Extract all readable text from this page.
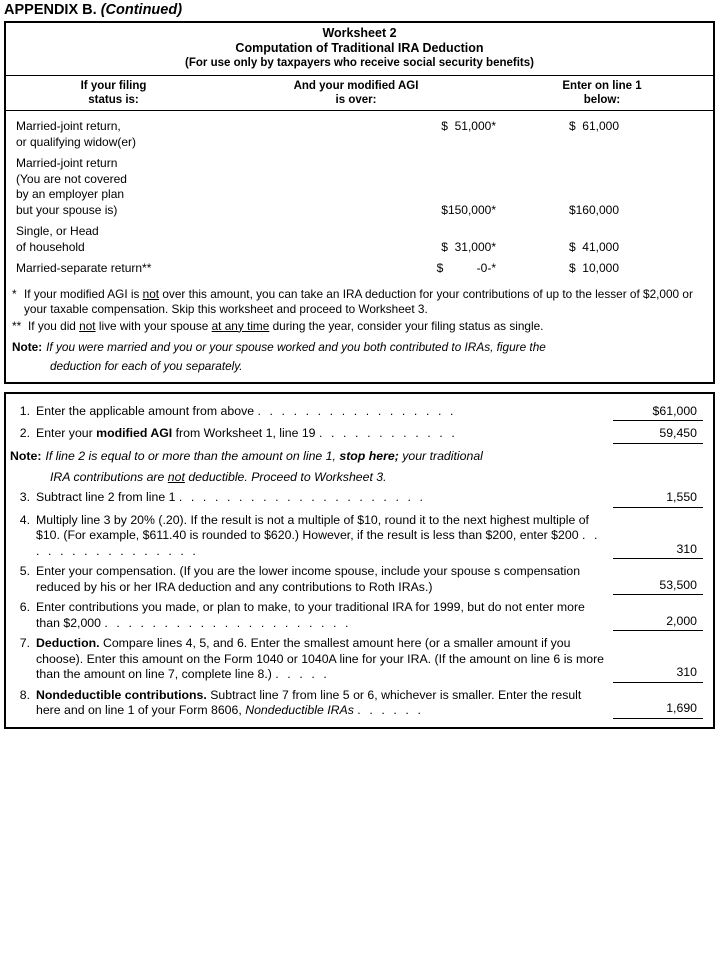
APPENDIX B. (Continued)
Worksheet 2
Computation of Traditional IRA Deduction
(For use only by taxpayers who receive social security benefits)
If your filing
status is:
And your modified AGI
is over:
Enter on line 1
below:
Married-joint return,
or qualifying widow(er)
$  51,000*	$  61,000
Married-joint return
(You are not covered
by an employer plan
but your spouse is)	$150,000*	$160,000
Single, or Head
of household	$  31,000*	$  41,000
Married-separate return**	$          -0-*	$  10,000
* If your modified AGI is not over this amount, you can take an IRA deduction for your contributions of up to the lesser of $2,000 or your taxable compensation. Skip this worksheet and proceed to Worksheet 3.
** If you did not live with your spouse at any time during the year, consider your filing status as single.
Note: If you were married and you or your spouse worked and you both contributed to IRAs, figure the
deduction for each of you separately.
1. Enter the applicable amount from above . . . . . . . . . . . . . . . . .	$61,000
2. Enter your modified AGI from Worksheet 1, line 19 . . . . . . . . . . . .	59,450
Note: If line 2 is equal to or more than the amount on line 1, stop here; your traditional
IRA contributions are not deductible. Proceed to Worksheet 3.
3. Subtract line 2 from line 1 . . . . . . . . . . . . . . . . . . . . .	1,550
4. Multiply line 3 by 20% (.20). If the result is not a multiple of $10, round it to the next highest multiple of $10. (For example, $611.40 is rounded to $620.) However, if the result is less than $200, enter $200 . . . . . . . . . . . . . . . .	310
5. Enter your compensation. (If you are the lower income spouse, include your spouse s compensation reduced by his or her IRA deduction and any contributions to Roth IRAs.)	53,500
6. Enter contributions you made, or plan to make, to your traditional IRA for 1999, but do not enter more than $2,000 . . . . . . . . . . . . . . . . . . . . .	2,000
7. Deduction. Compare lines 4, 5, and 6. Enter the smallest amount here (or a smaller amount if you choose). Enter this amount on the Form 1040 or 1040A line for your IRA. (If the amount on line 6 is more than the amount on line 7, complete line 8.) . . . . .	310
8. Nondeductible contributions. Subtract line 7 from line 5 or 6, whichever is smaller. Enter the result here and on line 1 of your Form 8606, Nondeductible IRAs . . . . . .	1,690
